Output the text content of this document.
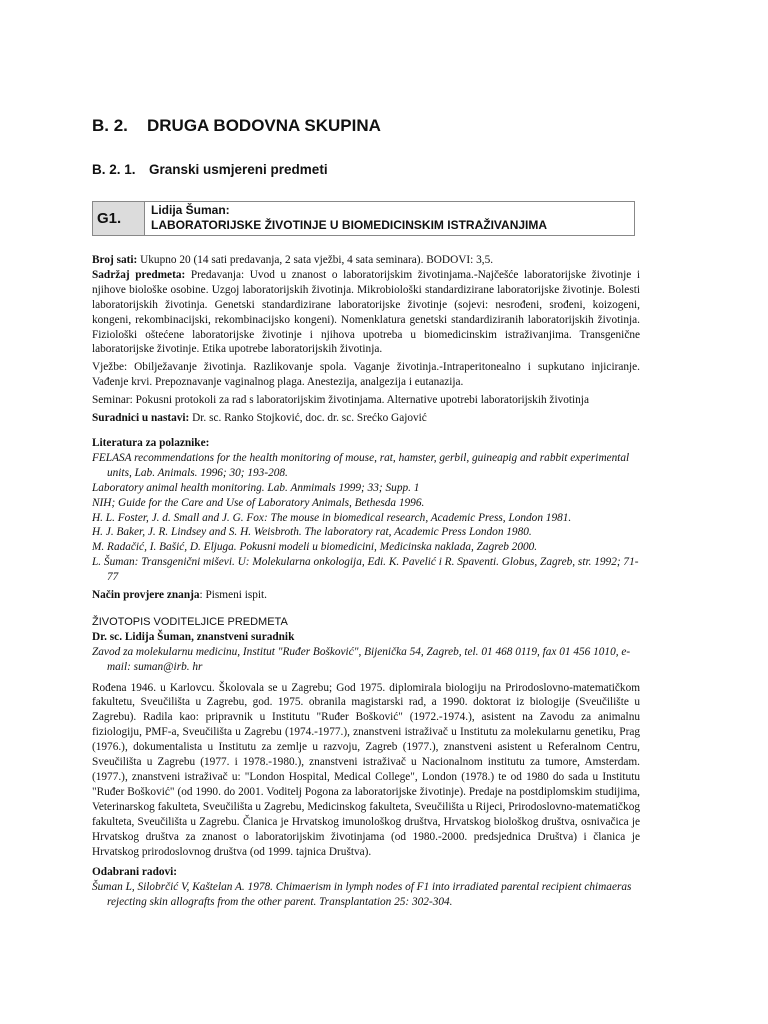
B. 2. DRUGA BODOVNA SKUPINA
B. 2. 1. Granski usmjereni predmeti
G1.	Lidija Šuman:
LABORATORIJSKE ŽIVOTINJE U BIOMEDICINSKIM ISTRAŽIVANJIMA

Broj sati: Ukupno 20 (14 sati predavanja, 2 sata vježbi, 4 sata seminara). BODOVI: 3,5.

Sadržaj predmeta: Predavanja: Uvod u znanost o laboratorijskim životinjama.-Najčešće laboratorijske životinje i njihove biološke osobine. Uzgoj laboratorijskih životinja. Mikrobiološki standardizirane laboratorijske životinje. Bolesti laboratorijskih životinja. Genetski standardizirane laboratorijske životinje (sojevi: nesrođeni, srođeni, koizogeni, kongeni, rekombinacijski, rekombinacijsko kongeni). Nomenklatura genetski standardiziranih laboratorijskih životinja. Fiziološki oštećene laboratorijske životinje i njihova upotreba u biomedicinskim istraživanjima. Transgenične laboratorijske životinje. Etika upotrebe laboratorijskih životinja.

Vježbe: Obilježavanje životinja. Razlikovanje spola. Vaganje životinja.-Intraperitonealno i supkutano injiciranje. Vađenje krvi. Prepoznavanje vaginalnog plaga. Anestezija, analgezija i eutanazija.

Seminar: Pokusni protokoli za rad s laboratorijskim životinjama. Alternative upotrebi laboratorijskih životinja

Suradnici u nastavi: Dr. sc. Ranko Stojković, doc. dr. sc. Srećko Gajović

Literatura za polaznike:

FELASA recommendations for the health monitoring of mouse, rat, hamster, gerbil, guineapig and rabbit experimental units, Lab. Animals. 1996; 30; 193-208.

Laboratory animal health monitoring. Lab. Anmimals 1999; 33; Supp. 1

NIH; Guide for the Care and Use of Laboratory Animals, Bethesda 1996.

H. L. Foster, J. d. Small and J. G. Fox: The mouse in biomedical research, Academic Press, London 1981.

H. J. Baker, J. R. Lindsey and S. H. Weisbroth. The laboratory rat, Academic Press London 1980.

M. Radačić, I. Bašić, D. Eljuga. Pokusni modeli u biomedicini, Medicinska naklada, Zagreb 2000.

L. Šuman: Transgenični miševi. U: Molekularna onkologija, Edi. K. Pavelić i R. Spaventi. Globus, Zagreb, str. 1992; 71-77

Način provjere znanja: Pismeni ispit.

ŽIVOTOPIS VODITELJICE PREDMETA

Dr. sc. Lidija Šuman, znanstveni suradnik

Zavod za molekularnu medicinu, Institut "Ruđer Bošković", Bijenička 54, Zagreb, tel. 01 468 0119, fax 01 456 1010, e-mail: suman@irb. hr

Rođena 1946. u Karlovcu. Školovala se u Zagrebu; God 1975. diplomirala biologiju na Prirodoslovno-matematičkom fakultetu, Sveučilišta u Zagrebu, god. 1975. obranila magistarski rad, a 1990. doktorat iz biologije (Sveučilište u Zagrebu). Radila kao: pripravnik u Institutu "Ruđer Bošković" (1972.-1974.), asistent na Zavodu za animalnu fiziologiju, PMF-a, Sveučilišta u Zagrebu (1974.-1977.), znanstveni istraživač u Institutu za molekularnu genetiku, Prag (1976.), dokumentalista u Institutu za zemlje u razvoju, Zagreb (1977.), znanstveni asistent u Referalnom Centru, Sveučilišta u Zagrebu (1977. i 1978.-1980.), znanstveni istraživač u Nacionalnom institutu za tumore, Amsterdam. (1977.), znanstveni istraživač u: "London Hospital, Medical College", London (1978.) te od 1980 do sada u Institutu "Ruđer Bošković" (od 1990. do 2001. Voditelj Pogona za laboratorijske životinje). Predaje na postdiplomskim studijima, Veterinarskog fakulteta, Sveučilišta u Zagrebu, Medicinskog fakulteta, Sveučilišta u Rijeci, Prirodoslovno-matematičkog fakulteta, Sveučilišta u Zagrebu. Članica je Hrvatskog imunološkog društva, Hrvatskog biološkog društva, osnivačica je Hrvatskog društva za znanost o laboratorijskim životinjama (od 1980.-2000. predsjednica Društva) i članica je Hrvatskog prirodoslovnog društva (od 1999. tajnica Društva).

Odabrani radovi:

Šuman L, Silobrčić V, Kaštelan A. 1978. Chimaerism in lymph nodes of F1 into irradiated parental recipient chimaeras rejecting skin allografts from the other parent. Transplantation 25: 302-304.
